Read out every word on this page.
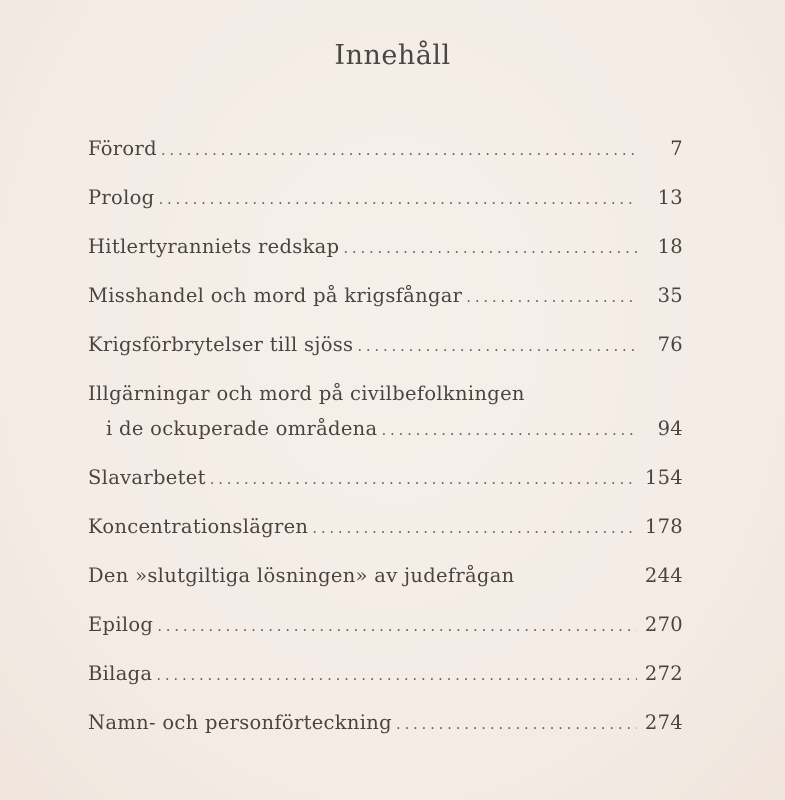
Innehåll
Förord . . .	7
Prolog . . .	13
Hitlertyranniets redskap . . .	18
Misshandel och mord på krigsfångar . . .	35
Krigsförbrytelser till sjöss . . .	76
Illgärningar och mord på civilbefolkningen
i de ockuperade områdena . . .	94
Slavarbetet . . .	154
Koncentrationslägren . . .	178
Den »slutgiltiga lösningen» av judefrågan	244
Epilog . . .	270
Bilaga . . .	272
Namn- och personförteckning . . .	274
